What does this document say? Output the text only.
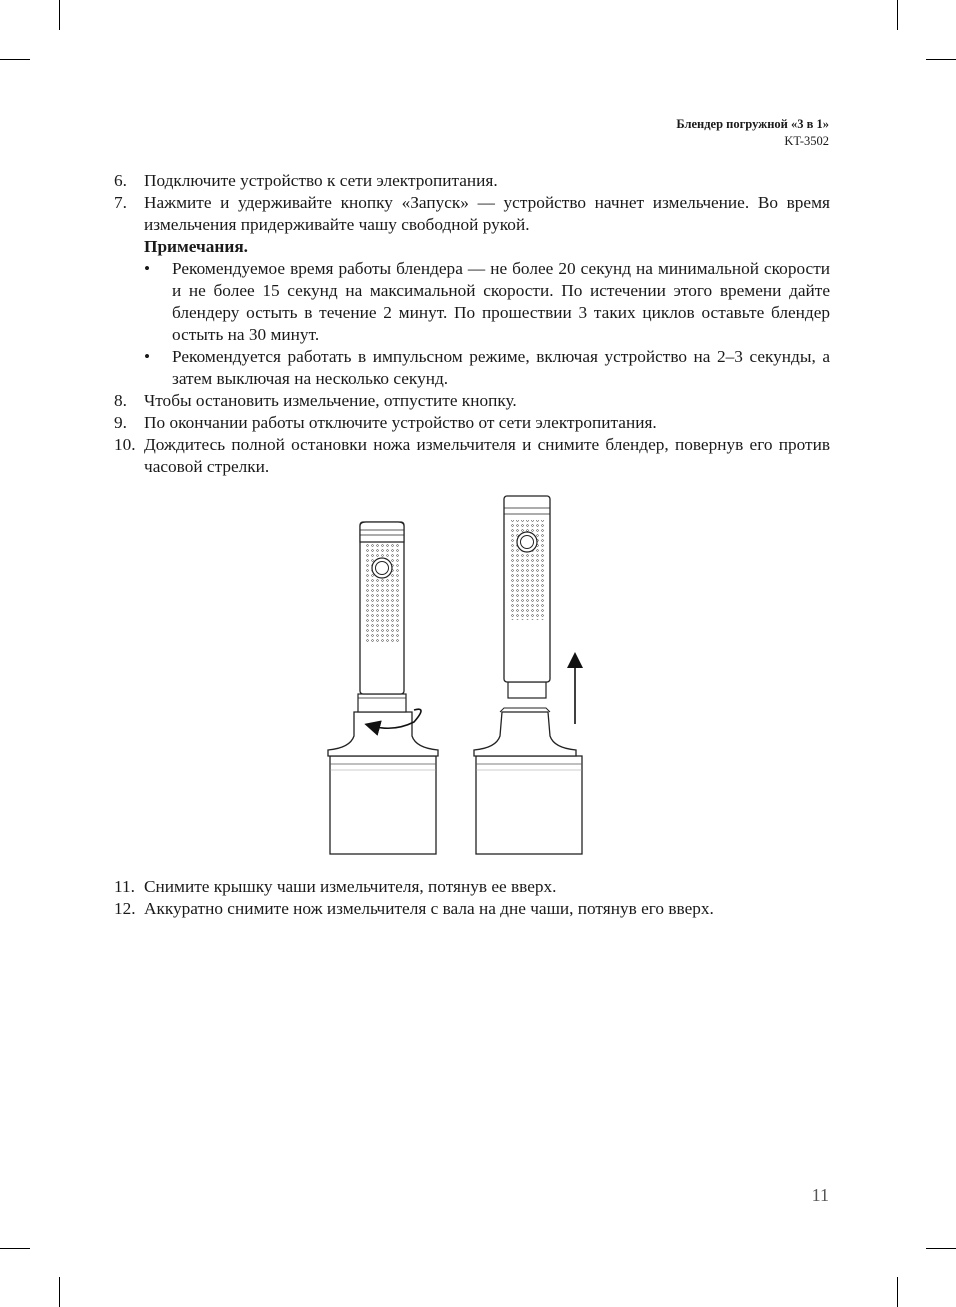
Блендер погружной «3 в 1»
KT-3502
6. Подключите устройство к сети электропитания.
7. Нажмите и удерживайте кнопку «Запуск» — устройство начнет измельчение. Во время измельчения придерживайте чашу свободной рукой.
Примечания.
• Рекомендуемое время работы блендера — не более 20 секунд на минимальной скорости и не более 15 секунд на максимальной скорости. По истечении этого времени дайте блендеру остыть в течение 2 минут. По прошествии 3 таких циклов оставьте блендер остыть на 30 минут.
• Рекомендуется работать в импульсном режиме, включая устройство на 2–3 секунды, а затем выключая на несколько секунд.
8. Чтобы остановить измельчение, отпустите кнопку.
9. По окончании работы отключите устройство от сети электропитания.
10. Дождитесь полной остановки ножа измельчителя и снимите блендер, повернув его против часовой стрелки.
11. Снимите крышку чаши измельчителя, потянув ее вверх.
12. Аккуратно снимите нож измельчителя с вала на дне чаши, потянув его вверх.
11
